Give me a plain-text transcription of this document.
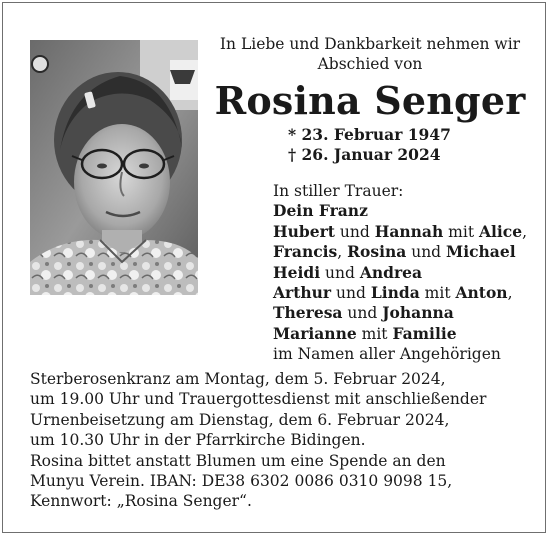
In Liebe und Dankbarkeit nehmen wir
Abschied von
Rosina Senger
* 23. Februar 1947
† 26. Januar 2024
In stiller Trauer:
Dein Franz
Hubert und Hannah mit Alice,
Francis, Rosina und Michael
Heidi und Andrea
Arthur und Linda mit Anton,
Theresa und Johanna
Marianne mit Familie
im Namen aller Angehörigen
Sterberosenkranz am Montag, dem 5. Februar 2024,
um 19.00 Uhr und Trauergottesdienst mit anschließender
Urnenbeisetzung am Dienstag, dem 6. Februar 2024,
um 10.30 Uhr in der Pfarrkirche Bidingen.
Rosina bittet anstatt Blumen um eine Spende an den
Munyu Verein. IBAN: DE38 6302 0086 0310 9098 15,
Kennwort: „Rosina Senger“.
